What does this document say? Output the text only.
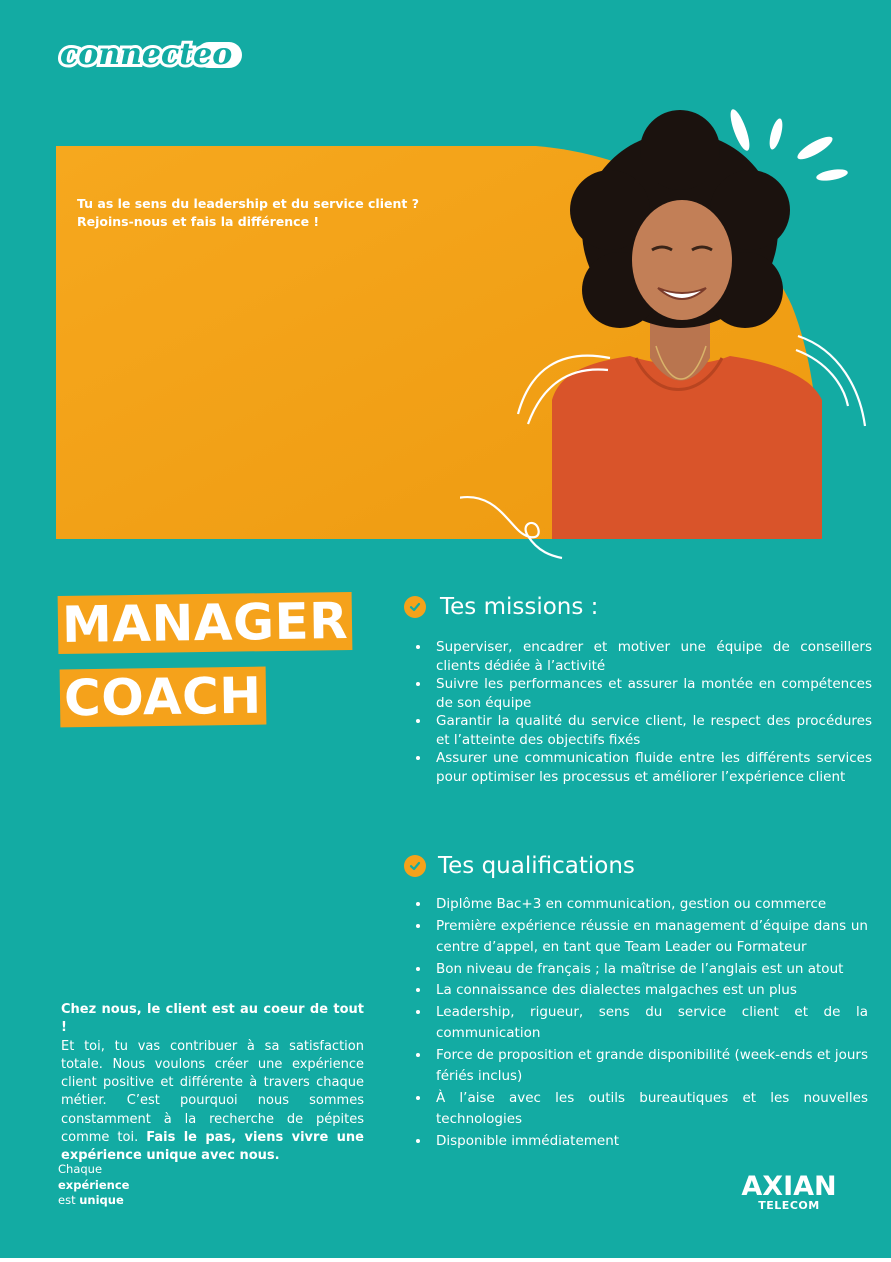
connecteo
Tu as le sens du leadership et du service client ?
Rejoins-nous et fais la différence !
MANAGER
COACH
Tes missions :
• Superviser, encadrer et motiver une équipe de conseillers clients dédiée à l’activité
• Suivre les performances et assurer la montée en compétences de son équipe
• Garantir la qualité du service client, le respect des procédures et l’atteinte des objectifs fixés
• Assurer une communication fluide entre les différents services pour optimiser les processus et améliorer l’expérience client
Tes qualifications
• Diplôme Bac+3 en communication, gestion ou commerce
• Première expérience réussie en management d’équipe dans un centre d’appel, en tant que Team Leader ou Formateur
• Bon niveau de français ; la maîtrise de l’anglais est un atout
• La connaissance des dialectes malgaches est un plus
• Leadership, rigueur, sens du service client et de la communication
• Force de proposition et grande disponibilité (week-ends et jours fériés inclus)
• À l’aise avec les outils bureautiques et les nouvelles technologies
• Disponible immédiatement
Chez nous, le client est au coeur de tout !
Et toi, tu vas contribuer à sa satisfaction totale. Nous voulons créer une expérience client positive et différente à travers chaque métier. C’est pourquoi nous sommes constamment à la recherche de pépites comme toi. Fais le pas, viens vivre une expérience unique avec nous.
Chaque
expérience
est unique	AXIAN
TELECOM
